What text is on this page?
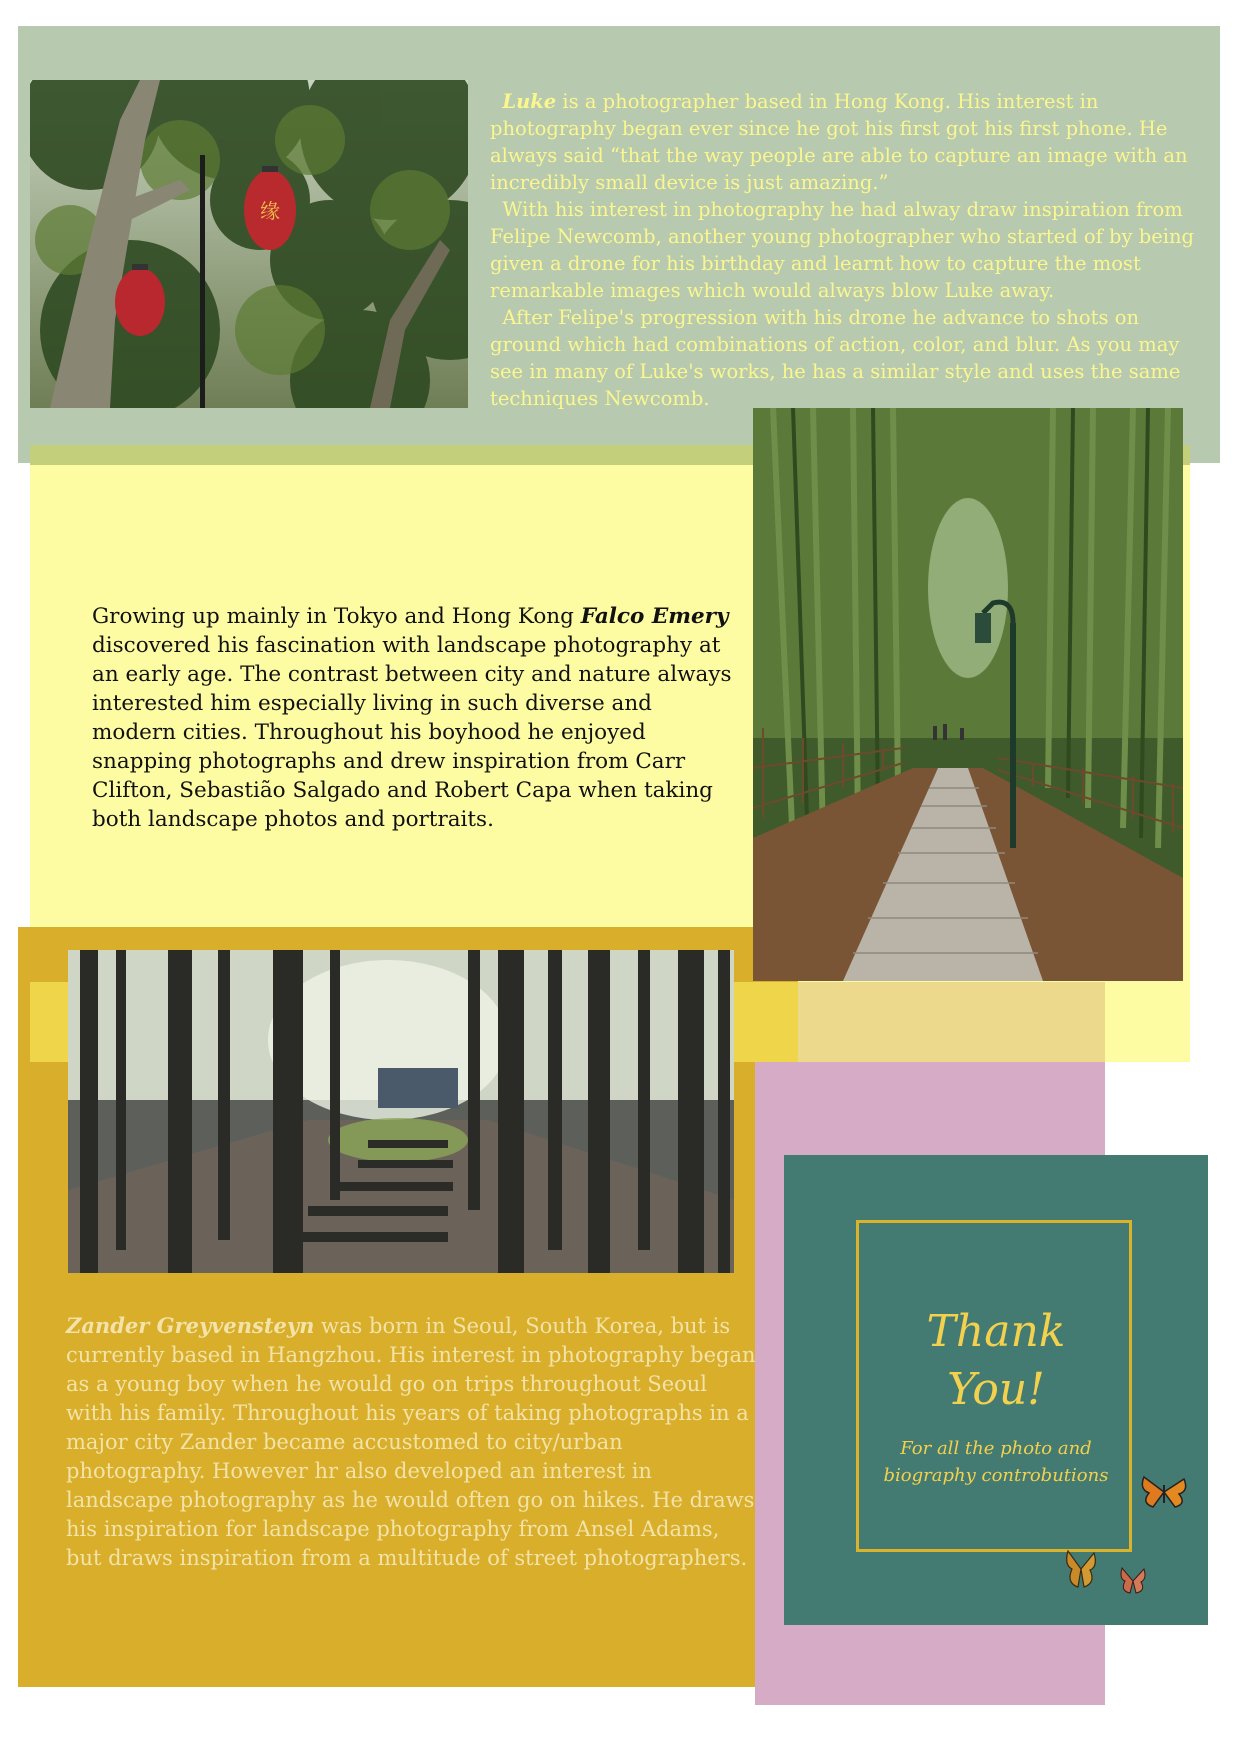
缘
Luke is a photographer based in Hong Kong. His interest in photography began ever since he got his first got his first phone. He always said “that the way people are able to capture an image with an incredibly small device is just amazing.”
With his interest in photography he had alway draw inspiration from Felipe Newcomb, another young photographer who started of by being given a drone for his birthday and learnt how to capture the most remarkable images which would always blow Luke away.
After Felipe's progression with his drone he advance to shots on ground which had combinations of action, color, and blur. As you may see in many of Luke's works, he has a similar style and uses the same techniques Newcomb.
Growing up mainly in Tokyo and Hong Kong Falco Emery discovered his fascination with landscape photography at an early age. The contrast between city and nature always interested him especially living in such diverse and modern cities. Throughout his boyhood he enjoyed snapping photographs and drew inspiration from Carr Clifton, Sebastião Salgado and Robert Capa when taking both landscape photos and portraits.
Zander Greyvensteyn was born in Seoul, South Korea, but is currently based in Hangzhou. His interest in photography began as a young boy when he would go on trips throughout Seoul with his family. Throughout his years of taking photographs in a major city Zander became accustomed to city/urban photography. However hr also developed an interest in landscape photography as he would often go on hikes. He draws his inspiration for landscape photography from Ansel Adams, but draws inspiration from a multitude of street photographers.
Thank
You!
For all the photo and
biography controbutions
